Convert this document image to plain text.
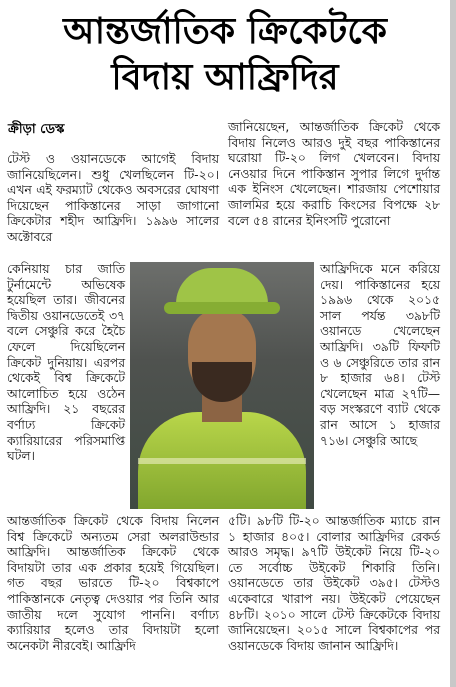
আন্তর্জাতিক ক্রিকেটকে
বিদায় আফ্রিদির
ক্রীড়া ডেস্ক

টেস্ট ও ওয়ানডেকে আগেই বিদায় জানিয়েছিলেন। শুধু খেলছিলেন টি-২০। এখন এই ফরম্যাট থেকেও অবসরের ঘোষণা দিয়েছেন পাকিস্তানের সাড়া জাগানো ক্রিকেটার শহীদ আফ্রিদি। ১৯৯৬ সালের অক্টোবরে

কেনিয়ায় চার জাতি টুর্নামেন্টে অভিষেক হয়েছিল তার। জীবনের দ্বিতীয় ওয়ানডেতেই ৩৭ বলে সেঞ্চুরি করে হৈচৈ ফেলে দিয়েছিলেন ক্রিকেট দুনিয়ায়। এরপর থেকেই বিশ্ব ক্রিকেটে আলোচিত হয়ে ওঠেন আফ্রিদি। ২১ বছরের বর্ণাঢ্য ক্রিকেট ক্যারিয়ারের পরিসমাপ্তি ঘটল।

জানিয়েছেন, আন্তর্জাতিক ক্রিকেট থেকে বিদায় নিলেও আরও দুই বছর পাকিস্তানের ঘরোয়া টি-২০ লিগ খেলবেন। বিদায় নেওয়ার দিনে পাকিস্তান সুপার লিগে দুর্দান্ত এক ইনিংস খেলেছেন। শারজায় পেশোয়ার জালমির হয়ে করাচি কিংসের বিপক্ষে ২৮ বলে ৫৪ রানের ইনিংসটি পুরোনো

আফ্রিদিকে মনে করিয়ে দেয়। পাকিস্তানের হয়ে ১৯৯৬ থেকে ২০১৫ সাল পর্যন্ত ৩৯৮টি ওয়ানডে খেলেছেন আফ্রিদি। ৩৯টি ফিফটি ও ৬ সেঞ্চুরিতে তার রান ৮ হাজার ৬৪। টেস্ট খেলেছেন মাত্র ২৭টি—বড় সংস্করণে ব্যাট থেকে রান আসে ১ হাজার ৭১৬। সেঞ্চুরি আছে

আন্তর্জাতিক ক্রিকেট থেকে বিদায় নিলেন বিশ্ব ক্রিকেটে অন্যতম সেরা অলরাউন্ডার আফ্রিদি। আন্তর্জাতিক ক্রিকেট থেকে বিদায়টা তার এক প্রকার হয়েই গিয়েছিল। গত বছর ভারতে টি-২০ বিশ্বকাপে পাকিস্তানকে নেতৃত্ব দেওয়ার পর তিনি আর জাতীয় দলে সুযোগ পাননি। বর্ণাঢ্য ক্যারিয়ার হলেও তার বিদায়টা হলো অনেকটা নীরবেই। আফ্রিদি

৫টি। ৯৮টি টি-২০ আন্তর্জাতিক ম্যাচে রান ১ হাজার ৪০৫। বোলার আফ্রিদির রেকর্ড আরও সমৃদ্ধ। ৯৭টি উইকেট নিয়ে টি-২০ তে সর্বোচ্চ উইকেট শিকারি তিনি। ওয়ানডেতে তার উইকেট ৩৯৫। টেস্টও একেবারে খারাপ নয়। উইকেট পেয়েছেন ৪৮টি। ২০১০ সালে টেস্ট ক্রিকেটকে বিদায় জানিয়েছেন। ২০১৫ সালে বিশ্বকাপের পর ওয়ানডেকে বিদায় জানান আফ্রিদি।
